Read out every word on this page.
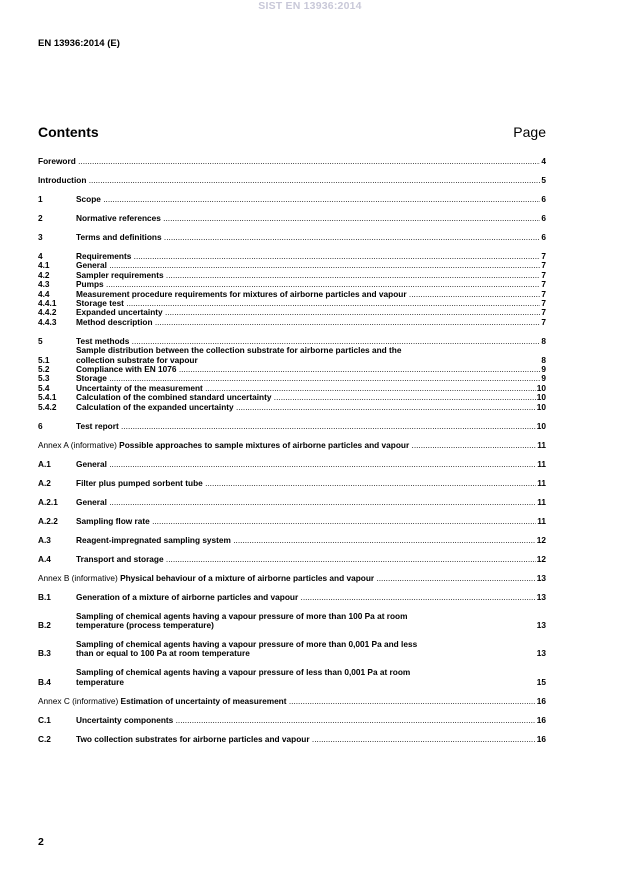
SIST EN 13936:2014
EN 13936:2014 (E)
Contents	Page
Foreword .....	4
Introduction .....	5
1	Scope .....	6
2	Normative references .....	6
3	Terms and definitions .....	6
4	Requirements .....	7
4.1	General .....	7
4.2	Sampler requirements .....	7
4.3	Pumps .....	7
4.4	Measurement procedure requirements for mixtures of airborne particles and vapour .....	7
4.4.1	Storage test .....	7
4.4.2	Expanded uncertainty .....	7
4.4.3	Method description .....	7
5	Test methods .....	8
5.1
Sample distribution between the collection substrate for airborne particles and the
collection substrate for vapour .....	8
5.2	Compliance with EN 1076 .....	9
5.3	Storage .....	9
5.4	Uncertainty of the measurement .....	10
5.4.1	Calculation of the combined standard uncertainty .....	10
5.4.2	Calculation of the expanded uncertainty .....	10
6	Test report .....	10
Annex A (informative) Possible approaches to sample mixtures of airborne particles and vapour .....	11
A.1	General .....	11
A.2	Filter plus pumped sorbent tube .....	11
A.2.1	General .....	11
A.2.2	Sampling flow rate .....	11
A.3	Reagent-impregnated sampling system .....	12
A.4	Transport and storage .....	12
Annex B (informative) Physical behaviour of a mixture of airborne particles and vapour .....	13
B.1	Generation of a mixture of airborne particles and vapour .....	13
B.2
Sampling of chemical agents having a vapour pressure of more than 100 Pa at room
temperature (process temperature) .....	13
B.3
Sampling of chemical agents having a vapour pressure of more than 0,001 Pa and less
than or equal to 100 Pa at room temperature .....	13
B.4
Sampling of chemical agents having a vapour pressure of less than 0,001 Pa at room
temperature .....	15
Annex C (informative) Estimation of uncertainty of measurement .....	16
C.1	Uncertainty components .....	16
C.2	Two collection substrates for airborne particles and vapour .....	16
2
